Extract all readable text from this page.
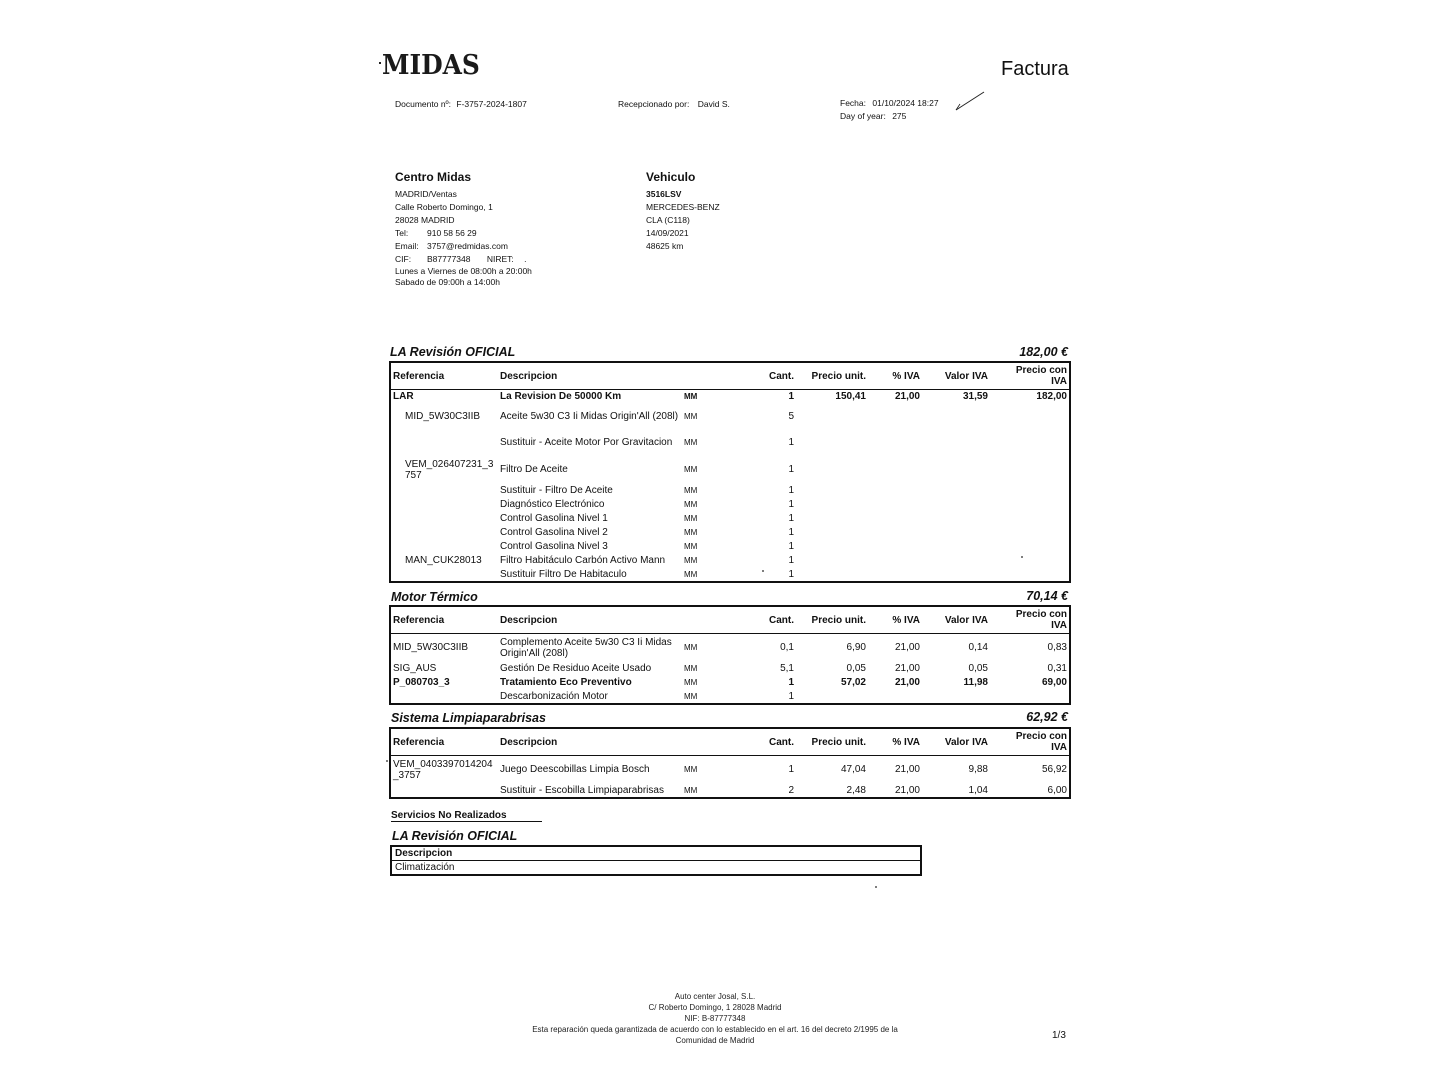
MIDAS	Factura
Documento nº: F-3757-2024-1807	Recepcionado por: David S.	Fecha: 01/10/2024 18:27
Day of year: 275
Centro Midas
MADRID/Ventas
Calle Roberto Domingo, 1
28028 MADRID
Tel: 910 58 56 29
Email: 3757@redmidas.com
CIF: B87777348 NIRET: .
Lunes a Viernes de 08:00h a 20:00h
Sabado de 09:00h a 14:00h
Vehiculo
3516LSV
MERCEDES-BENZ
CLA (C118)
14/09/2021
48625 km
LA Revisión OFICIAL	182,00 €
Referencia	Descripcion		Cant.	Precio unit.	% IVA	Valor IVA	Precio con
IVA
LAR	La Revision De 50000 Km	MM	1	150,41	21,00	31,59	182,00
MID_5W30C3IIB	Aceite 5w30 C3 Ii Midas Origin'All (208l)	MM	5				
	Sustituir - Aceite Motor Por Gravitacion	MM	1				
VEM_026407231_3757	Filtro De Aceite	MM	1				
	Sustituir - Filtro De Aceite	MM	1				
	Diagnóstico Electrónico	MM	1				
	Control Gasolina Nivel 1	MM	1				
	Control Gasolina Nivel 2	MM	1				
	Control Gasolina Nivel 3	MM	1				
MAN_CUK28013	Filtro Habitáculo Carbón Activo Mann	MM	1				
	Sustituir Filtro De Habitaculo	MM	1				
Motor Térmico	70,14 €
Referencia	Descripcion		Cant.	Precio unit.	% IVA	Valor IVA	Precio con
IVA
MID_5W30C3IIB	Complemento Aceite 5w30 C3 Ii Midas Origin'All (208l)	MM	0,1	6,90	21,00	0,14	0,83
SIG_AUS	Gestión De Residuo Aceite Usado	MM	5,1	0,05	21,00	0,05	0,31
P_080703_3	Tratamiento Eco Preventivo	MM	1	57,02	21,00	11,98	69,00
	Descarbonización Motor	MM	1				
Sistema Limpiaparabrisas	62,92 €
Referencia	Descripcion		Cant.	Precio unit.	% IVA	Valor IVA	Precio con
IVA
VEM_0403397014204_3757	Juego Deescobillas Limpia Bosch	MM	1	47,04	21,00	9,88	56,92
	Sustituir - Escobilla Limpiaparabrisas	MM	2	2,48	21,00	1,04	6,00
Servicios No Realizados
LA Revisión OFICIAL
Descripcion
Climatización
Auto center Josal, S.L.
C/ Roberto Domingo, 1 28028 Madrid
NIF: B-87777348
Esta reparación queda garantizada de acuerdo con lo establecido en el art. 16 del decreto 2/1995 de la
Comunidad de Madrid	1/3
